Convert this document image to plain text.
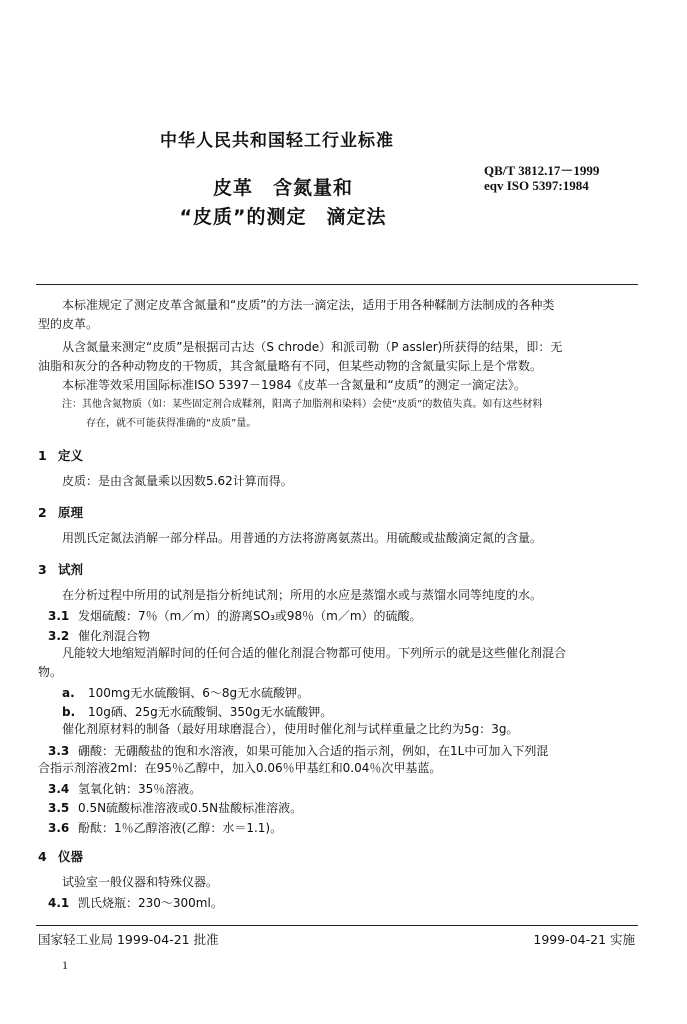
中华人民共和国轻工行业标准
皮革　含氮量和
“皮质”的测定　滴定法
QB/T 3812.17－1999
eqv ISO 5397:1984
本标准规定了测定皮革含氮量和“皮质”的方法一滴定法，适用于用各种鞣制方法制成的各种类
型的皮革。
从含氮量来测定“皮质”是根据司古达（S chrode）和派司勒（P assler)所获得的结果，即：无
油脂和灰分的各种动物皮的干物质，其含氮量略有不同，但某些动物的含氮量实际上是个常数。
本标准等效采用国际标准ISO 5397－1984《皮革一含氮量和“皮质”的测定一滴定法》。
注：其他含氮物质（如：某些固定剂合成鞣剂，阳离子加脂剂和染料）会使“皮质”的数值失真。如有这些材料
存在，就不可能获得准确的“皮质”量。
1 定义
皮质：是由含氮量乘以因数5.62计算而得。
2 原理
用凯氏定氮法消解一部分样品。用普通的方法将游离氨蒸出。用硫酸或盐酸滴定氮的含量。
3 试剂
在分析过程中所用的试剂是指分析纯试剂；所用的水应是蒸馏水或与蒸馏水同等纯度的水。
3.1 发烟硫酸：7％（m／m）的游离SO₃或98％（m／m）的硫酸。
3.2 催化剂混合物
凡能较大地缩短消解时间的任何合适的催化剂混合物都可使用。下列所示的就是这些催化剂混合
物。
a. 100mg无水硫酸铜、6～8g无水硫酸钾。
b. 10g硒、25g无水硫酸铜、350g无水硫酸钾。
催化剂原材料的制备（最好用球磨混合），使用时催化剂与试样重量之比约为5g：3g。
3.3 硼酸：无硼酸盐的饱和水溶液，如果可能加入合适的指示剂，例如，在1L中可加入下列混
合指示剂溶液2ml：在95％乙醇中，加入0.06％甲基红和0.04％次甲基蓝。
3.4 氢氧化钠：35％溶液。
3.5 0.5N硫酸标准溶液或0.5N盐酸标准溶液。
3.6 酚酞：1％乙醇溶液(乙醇：水＝1.1)。
4 仪器
试验室一般仪器和特殊仪器。
4.1 凯氏烧瓶：230～300ml。
国家轻工业局 1999-04-21 批准	1999-04-21 实施
1
